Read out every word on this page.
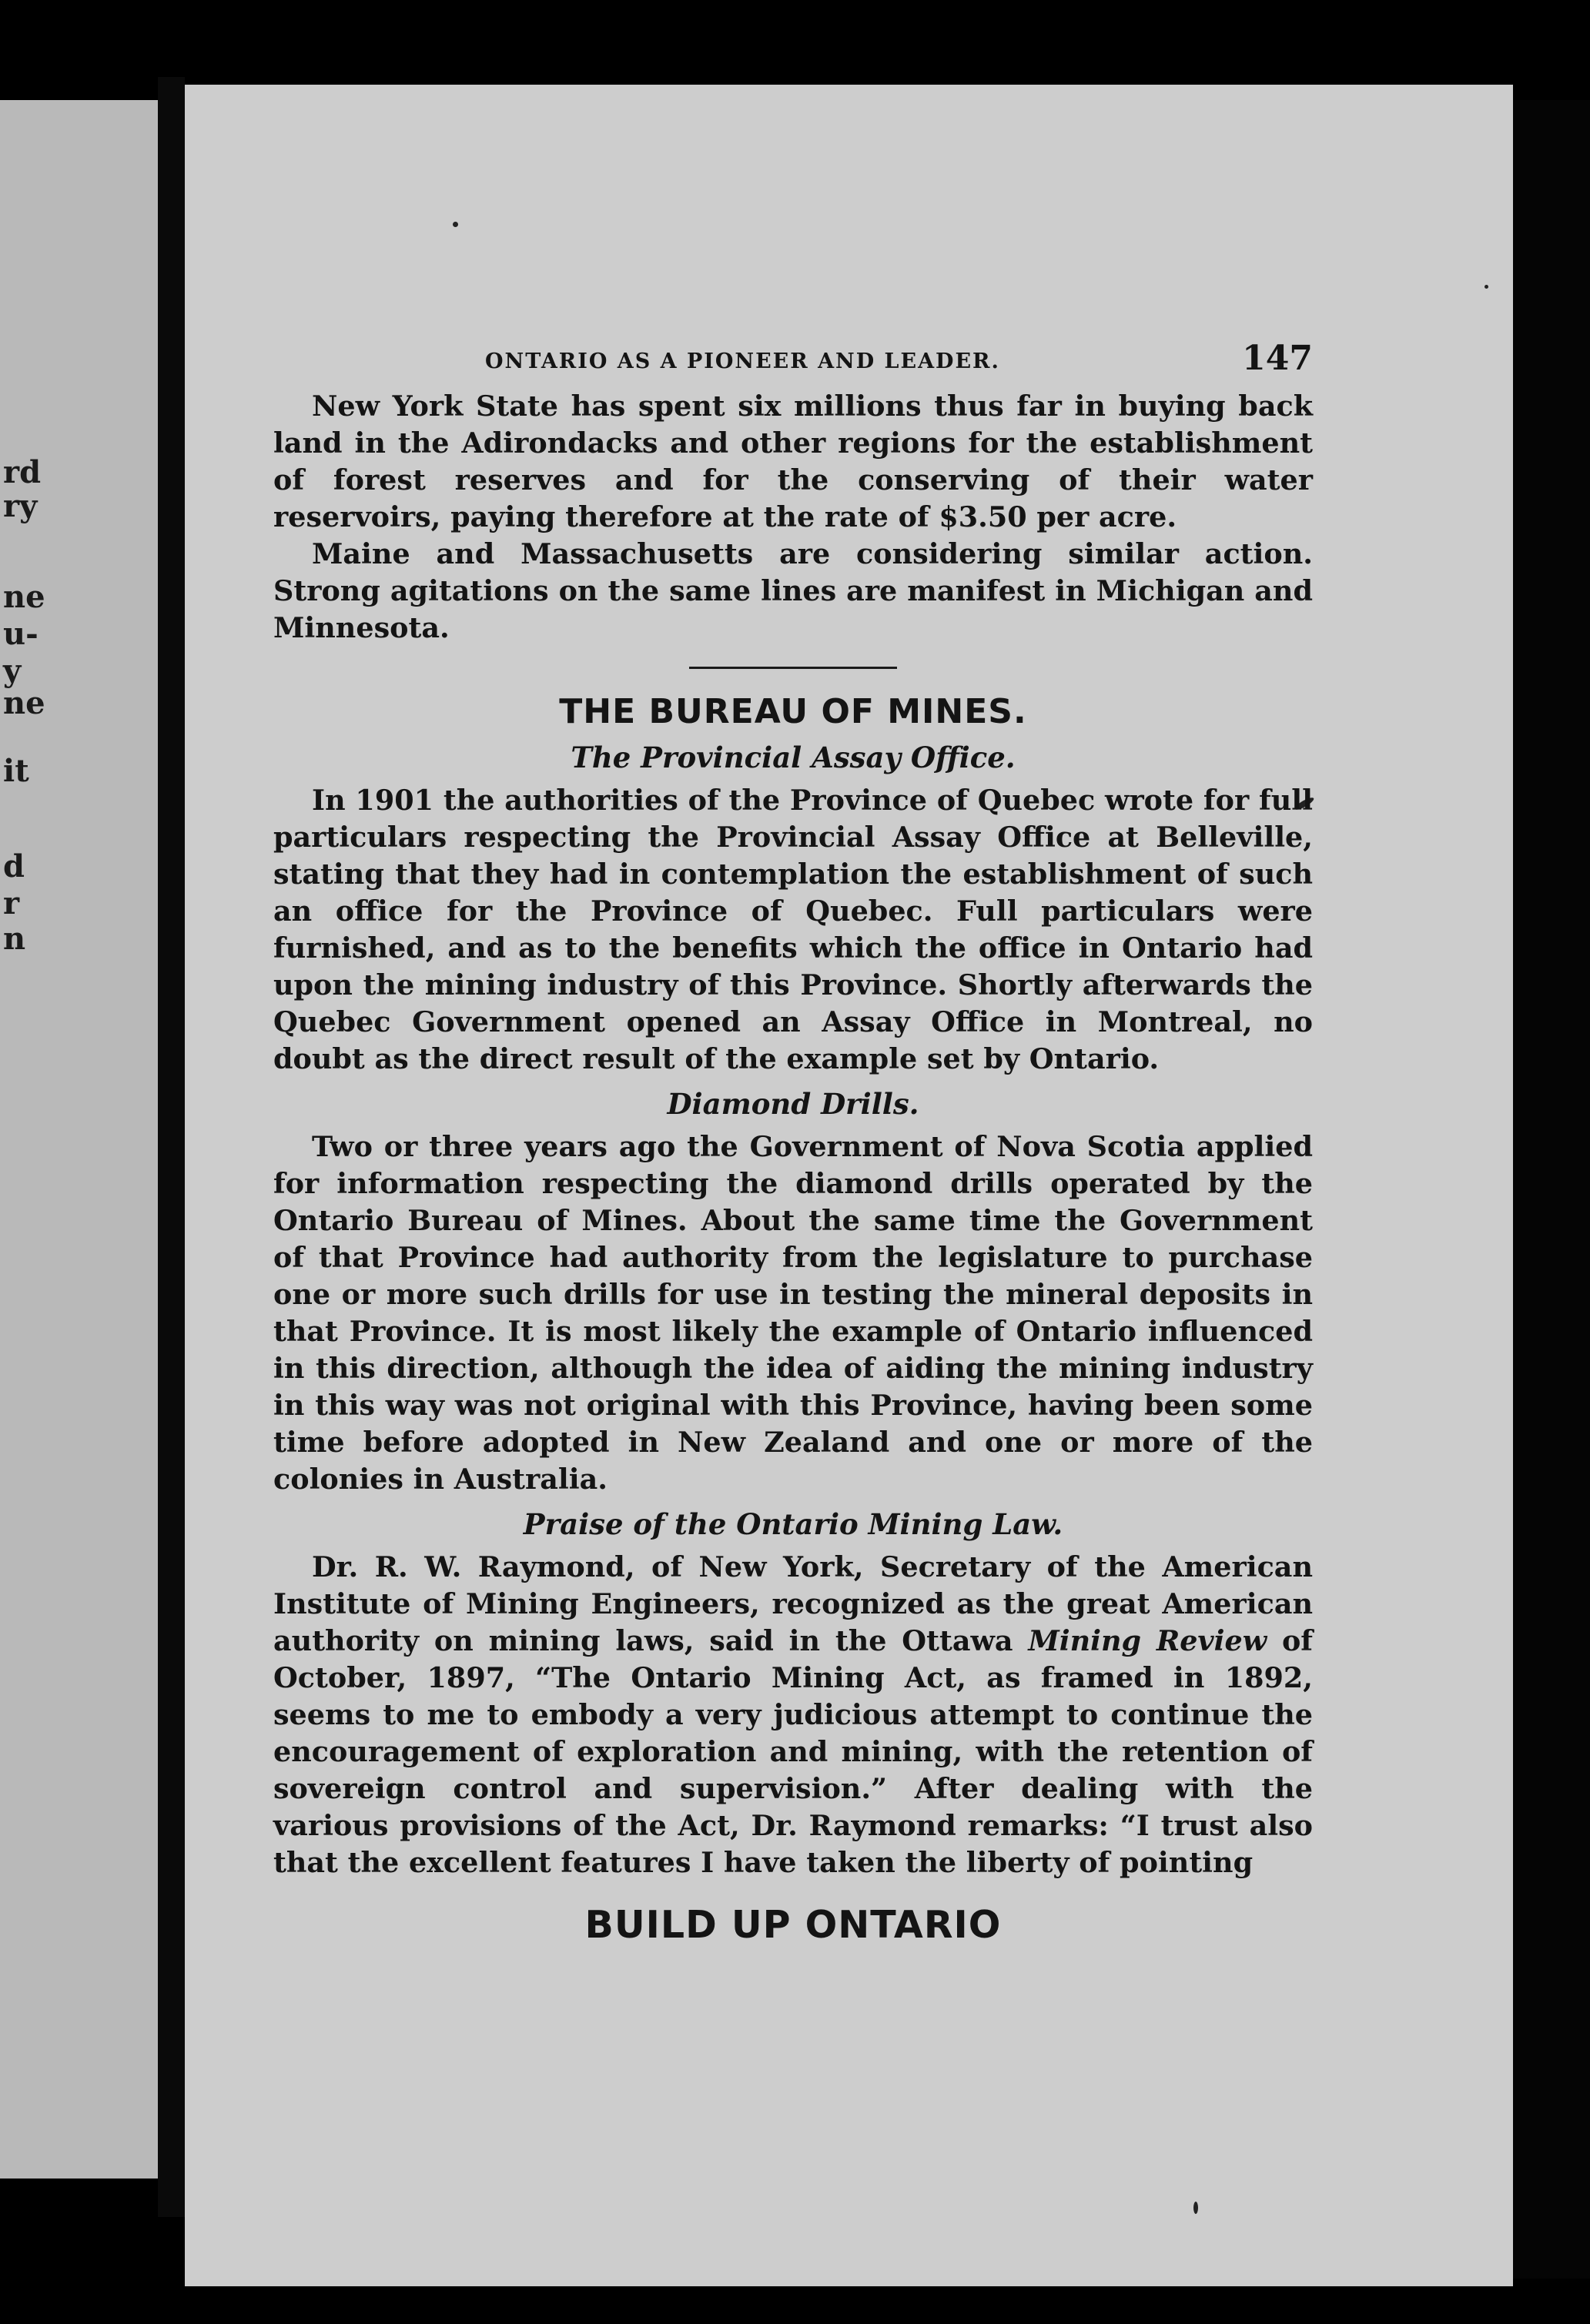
rd
ry
ne
u-
y
ne
it
d
r
n
ONTARIO AS A PIONEER AND LEADER.	147

New York State has spent six millions thus far in buying back land in the Adirondacks and other regions for the establishment of forest reserves and for the conserving of their water reservoirs, paying therefore at the rate of $3.50 per acre.

Maine and Massachusetts are considering similar action. Strong agitations on the same lines are manifest in Michigan and Minnesota.

THE BUREAU OF MINES.
The Provincial Assay Office.

In 1901 the authorities of the Province of Quebec wrote for full particulars respecting the Provincial Assay Office at Belleville, stating that they had in contemplation the establishment of such an office for the Province of Quebec. Full particulars were furnished, and as to the benefits which the office in Ontario had upon the mining industry of this Province. Shortly afterwards the Quebec Government opened an Assay Office in Montreal, no doubt as the direct result of the example set by Ontario.

Diamond Drills.

Two or three years ago the Government of Nova Scotia applied for information respecting the diamond drills operated by the Ontario Bureau of Mines. About the same time the Government of that Province had authority from the legislature to purchase one or more such drills for use in testing the mineral deposits in that Province. It is most likely the example of Ontario influenced in this direction, although the idea of aiding the mining industry in this way was not original with this Province, having been some time before adopted in New Zealand and one or more of the colonies in Australia.

Praise of the Ontario Mining Law.

Dr. R. W. Raymond, of New York, Secretary of the American Institute of Mining Engineers, recognized as the great American authority on mining laws, said in the Ottawa Mining Review of October, 1897, “The Ontario Mining Act, as framed in 1892, seems to me to embody a very judicious attempt to continue the encouragement of exploration and mining, with the retention of sovereign control and supervision.” After dealing with the various provisions of the Act, Dr. Raymond remarks: “I trust also that the excellent features I have taken the liberty of pointing

BUILD UP ONTARIO
